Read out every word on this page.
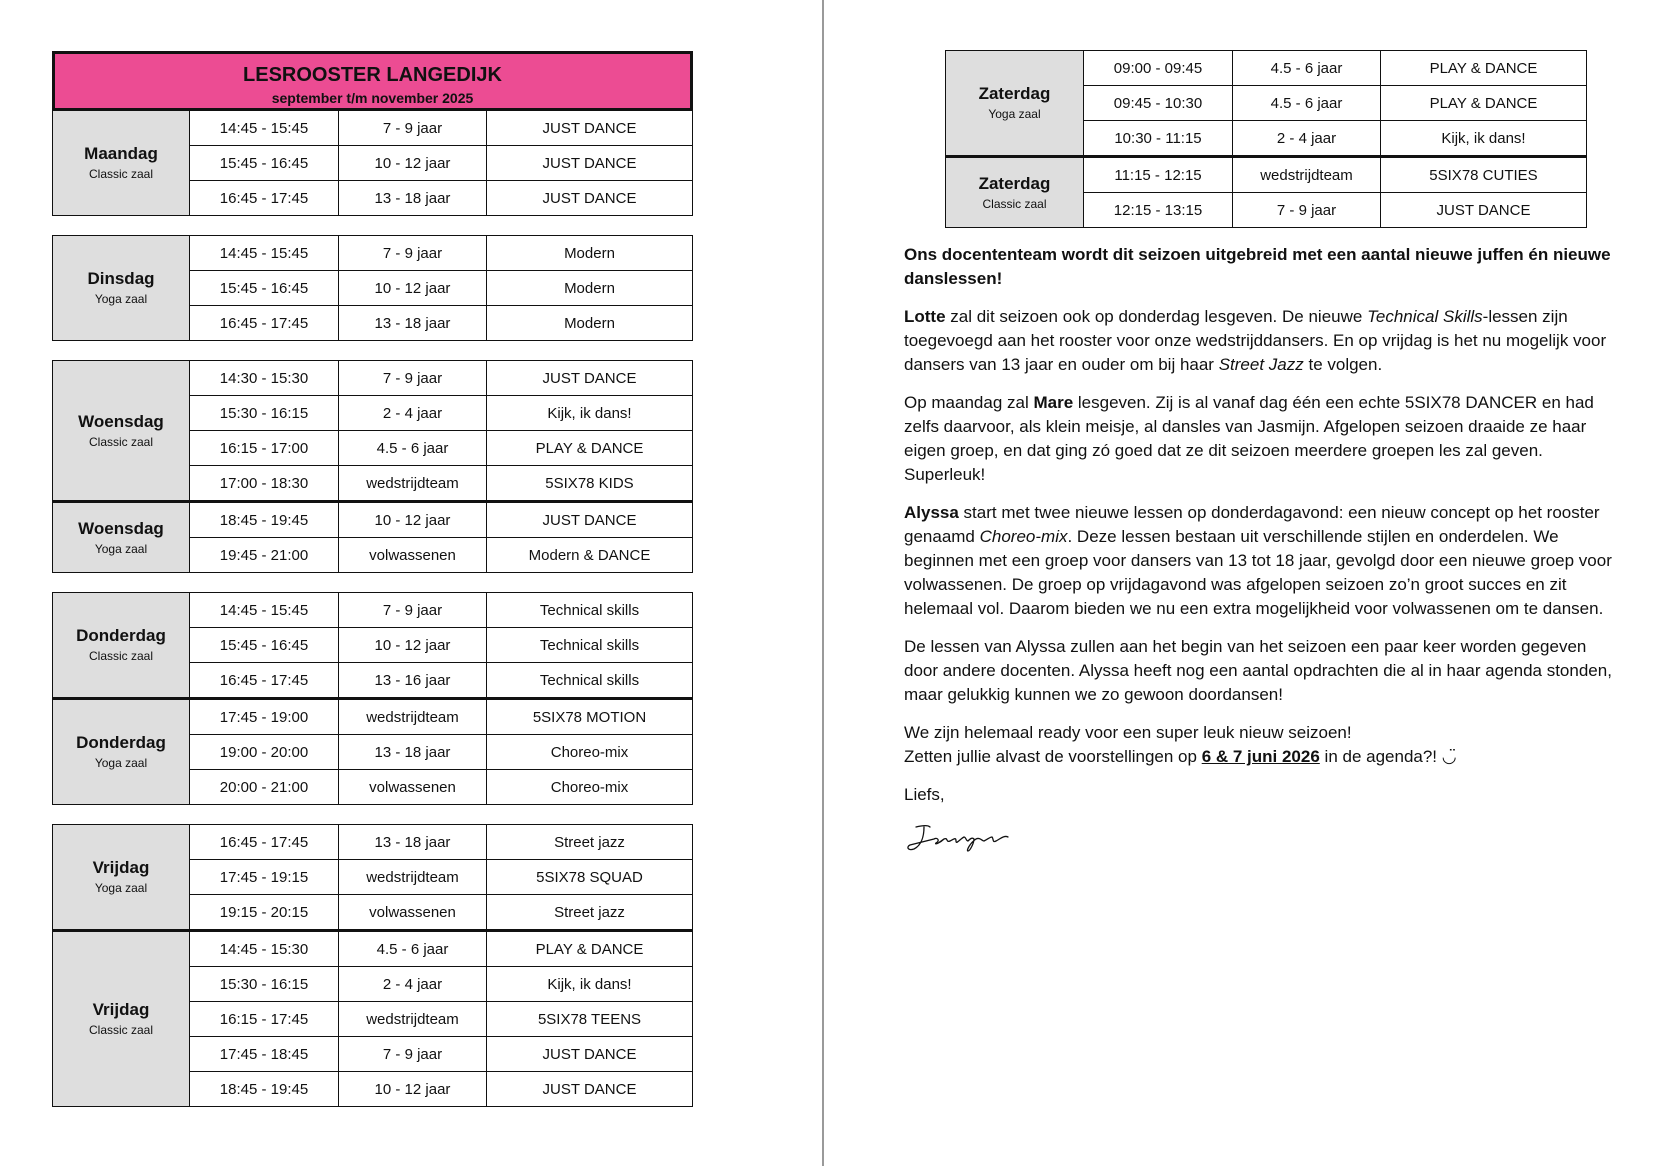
LESROOSTER LANGEDIJK
september t/m november 2025
Maandag
Classic zaal
14:45 - 15:45	7 - 9 jaar	JUST DANCE
15:45 - 16:45	10 - 12 jaar	JUST DANCE
16:45 - 17:45	13 - 18 jaar	JUST DANCE
Dinsdag
Yoga zaal
14:45 - 15:45	7 - 9 jaar	Modern
15:45 - 16:45	10 - 12 jaar	Modern
16:45 - 17:45	13 - 18 jaar	Modern
Woensdag
Classic zaal
14:30 - 15:30	7 - 9 jaar	JUST DANCE
15:30 - 16:15	2 - 4 jaar	Kijk, ik dans!
16:15 - 17:00	4.5 - 6 jaar	PLAY & DANCE
17:00 - 18:30	wedstrijdteam	5SIX78 KIDS
Woensdag
Yoga zaal
18:45 - 19:45	10 - 12 jaar	JUST DANCE
19:45 - 21:00	volwassenen	Modern & DANCE
Donderdag
Classic zaal
14:45 - 15:45	7 - 9 jaar	Technical skills
15:45 - 16:45	10 - 12 jaar	Technical skills
16:45 - 17:45	13 - 16 jaar	Technical skills
Donderdag
Yoga zaal
17:45 - 19:00	wedstrijdteam	5SIX78 MOTION
19:00 - 20:00	13 - 18 jaar	Choreo-mix
20:00 - 21:00	volwassenen	Choreo-mix
Vrijdag
Yoga zaal
16:45 - 17:45	13 - 18 jaar	Street jazz
17:45 - 19:15	wedstrijdteam	5SIX78 SQUAD
19:15 - 20:15	volwassenen	Street jazz
Vrijdag
Classic zaal
14:45 - 15:30	4.5 - 6 jaar	PLAY & DANCE
15:30 - 16:15	2 - 4 jaar	Kijk, ik dans!
16:15 - 17:45	wedstrijdteam	5SIX78 TEENS
17:45 - 18:45	7 - 9 jaar	JUST DANCE
18:45 - 19:45	10 - 12 jaar	JUST DANCE
Zaterdag
Yoga zaal
09:00 - 09:45	4.5 - 6 jaar	PLAY & DANCE
09:45 - 10:30	4.5 - 6 jaar	PLAY & DANCE
10:30 - 11:15	2 - 4 jaar	Kijk, ik dans!
Zaterdag
Classic zaal
11:15 - 12:15	wedstrijdteam	5SIX78 CUTIES
12:15 - 13:15	7 - 9 jaar	JUST DANCE

Ons docententeam wordt dit seizoen uitgebreid met een aantal nieuwe juffen én nieuwe danslessen!

Lotte zal dit seizoen ook op donderdag lesgeven. De nieuwe Technical Skills-lessen zijn toegevoegd aan het rooster voor onze wedstrijddansers. En op vrijdag is het nu mogelijk voor dansers van 13 jaar en ouder om bij haar Street Jazz te volgen.

Op maandag zal Mare lesgeven. Zij is al vanaf dag één een echte 5SIX78 DANCER en had zelfs daarvoor, als klein meisje, al dansles van Jasmijn. Afgelopen seizoen draaide ze haar eigen groep, en dat ging zó goed dat ze dit seizoen meerdere groepen les zal geven. Superleuk!

Alyssa start met twee nieuwe lessen op donderdagavond: een nieuw concept op het rooster genaamd Choreo-mix. Deze lessen bestaan uit verschillende stijlen en onderdelen. We beginnen met een groep voor dansers van 13 tot 18 jaar, gevolgd door een nieuwe groep voor volwassenen. De groep op vrijdagavond was afgelopen seizoen zo’n groot succes en zit helemaal vol. Daarom bieden we nu een extra mogelijkheid voor volwassenen om te dansen.

De lessen van Alyssa zullen aan het begin van het seizoen een paar keer worden gegeven door andere docenten. Alyssa heeft nog een aantal opdrachten die al in haar agenda stonden, maar gelukkig kunnen we zo gewoon doordansen!

We zijn helemaal ready voor een super leuk nieuw seizoen!
Zetten jullie alvast de voorstellingen op 6 & 7 juni 2026 in de agenda?! ◡̈

Liefs,
